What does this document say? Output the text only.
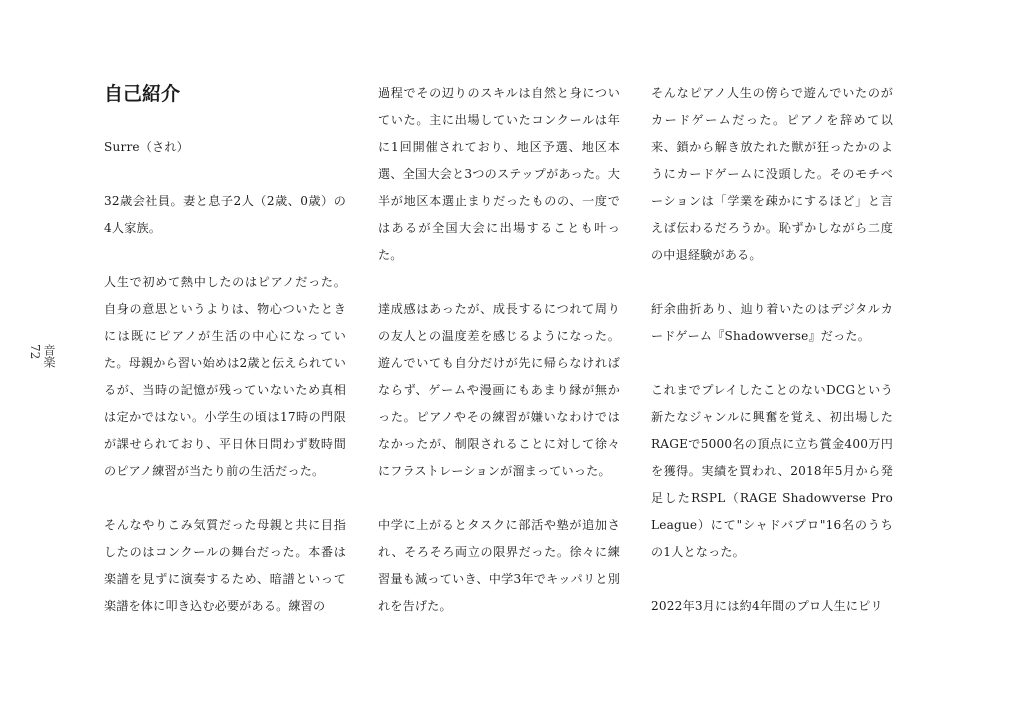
音楽
72
自己紹介

Surre（され）

32歳会社員。妻と息子2人（2歳、0歳）の4人家族。

人生で初めて熱中したのはピアノだった。自身の意思というよりは、物心ついたときには既にピアノが生活の中心になっていた。母親から習い始めは2歳と伝えられているが、当時の記憶が残っていないため真相は定かではない。小学生の頃は17時の門限が課せられており、平日休日問わず数時間のピアノ練習が当たり前の生活だった。

そんなやりこみ気質だった母親と共に目指したのはコンクールの舞台だった。本番は楽譜を見ずに演奏するため、暗譜といって楽譜を体に叩き込む必要がある。練習の

過程でその辺りのスキルは自然と身についていた。主に出場していたコンクールは年に1回開催されており、地区予選、地区本選、全国大会と3つのステップがあった。大半が地区本選止まりだったものの、一度ではあるが全国大会に出場することも叶った。

達成感はあったが、成長するにつれて周りの友人との温度差を感じるようになった。遊んでいても自分だけが先に帰らなければならず、ゲームや漫画にもあまり縁が無かった。ピアノやその練習が嫌いなわけではなかったが、制限されることに対して徐々にフラストレーションが溜まっていった。

中学に上がるとタスクに部活や塾が追加され、そろそろ両立の限界だった。徐々に練習量も減っていき、中学3年でキッパリと別れを告げた。

そんなピアノ人生の傍らで遊んでいたのがカードゲームだった。ピアノを辞めて以来、鎖から解き放たれた獣が狂ったかのようにカードゲームに没頭した。そのモチベーションは「学業を疎かにするほど」と言えば伝わるだろうか。恥ずかしながら二度の中退経験がある。

紆余曲折あり、辿り着いたのはデジタルカードゲーム『Shadowverse』だった。

これまでプレイしたことのないDCGという新たなジャンルに興奮を覚え、初出場したRAGEで5000名の頂点に立ち賞金400万円を獲得。実績を買われ、2018年5月から発足したRSPL（RAGE Shadowverse Pro League）にて"シャドバプロ"16名のうちの1人となった。

2022年3月には約4年間のプロ人生にピリ
